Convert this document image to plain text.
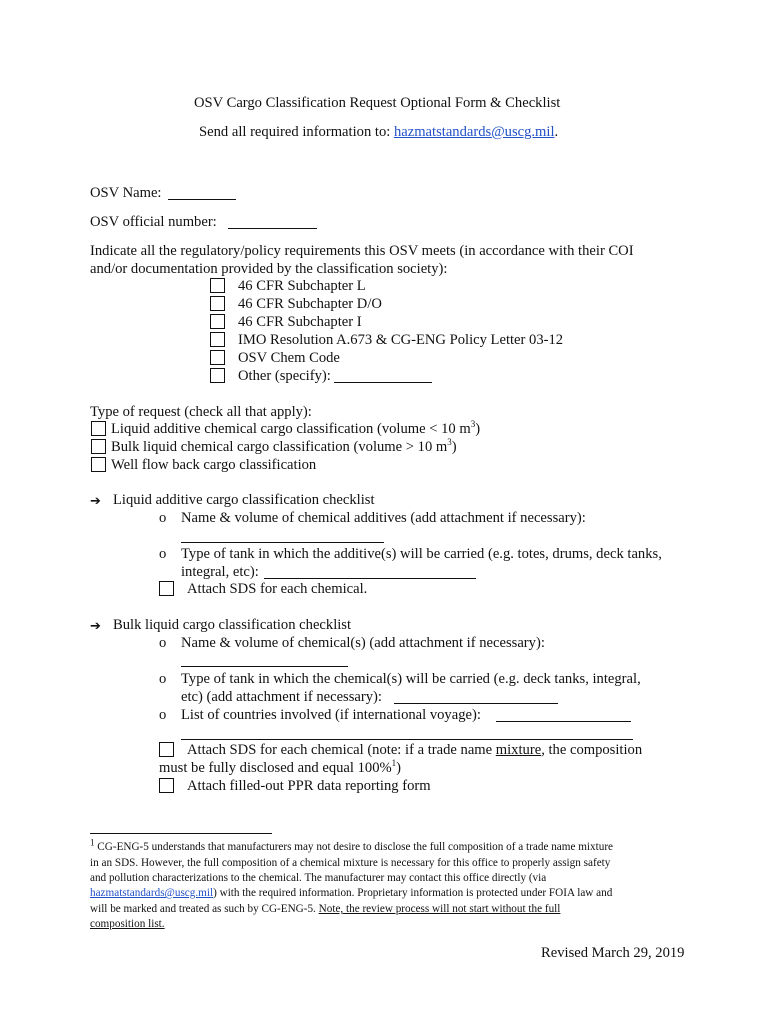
OSV Cargo Classification Request Optional Form & Checklist
Send all required information to: hazmatstandards@uscg.mil.
OSV Name:
OSV official number:
Indicate all the regulatory/policy requirements this OSV meets (in accordance with their COI
and/or documentation provided by the classification society):
46 CFR Subchapter L
46 CFR Subchapter D/O
46 CFR Subchapter I
IMO Resolution A.673 & CG-ENG Policy Letter 03-12
OSV Chem Code
Other (specify):
Type of request (check all that apply):
Liquid additive chemical cargo classification (volume < 10 $m^3$)
Bulk liquid chemical cargo classification (volume > 10 $m^3$)
Well flow back cargo classification
➔ Liquid additive cargo classification checklist
o Name & volume of chemical additives (add attachment if necessary):
o Type of tank in which the additive(s) will be carried (e.g. totes, drums, deck tanks,
integral, etc):
Attach SDS for each chemical.
➔ Bulk liquid cargo classification checklist
o Name & volume of chemical(s) (add attachment if necessary):
o Type of tank in which the chemical(s) will be carried (e.g. deck tanks, integral,
etc) (add attachment if necessary):
o List of countries involved (if international voyage):
Attach SDS for each chemical (note: if a trade name mixture, the composition
must be fully disclosed and equal 100%$^1$)
Attach filled-out PPR data reporting form
$^1$ CG-ENG-5 understands that manufacturers may not desire to disclose the full composition of a trade name mixture
in an SDS. However, the full composition of a chemical mixture is necessary for this office to properly assign safety
and pollution characterizations to the chemical. The manufacturer may contact this office directly (via
hazmatstandards@uscg.mil) with the required information. Proprietary information is protected under FOIA law and
will be marked and treated as such by CG-ENG-5. Note, the review process will not start without the full
composition list.
Revised March 29, 2019
